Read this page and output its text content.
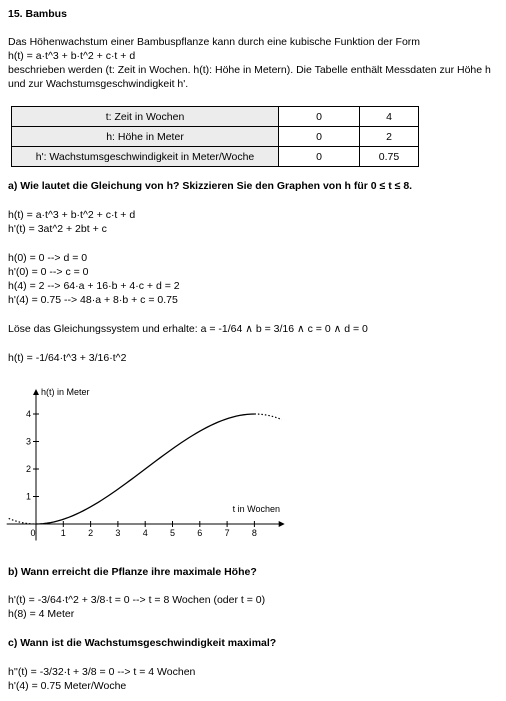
15. Bambus
Das Höhenwachstum einer Bambuspflanze kann durch eine kubische Funktion der Form
h(t) = a·t^3 + b·t^2 + c·t + d
beschrieben werden (t: Zeit in Wochen. h(t): Höhe in Metern). Die Tabelle enthält Messdaten zur Höhe h
und zur Wachstumsgeschwindigkeit h'.
t: Zeit in Wochen	0	4
h: Höhe in Meter	0	2
h': Wachstumsgeschwindigkeit in Meter/Woche	0	0.75
a) Wie lautet die Gleichung von h? Skizzieren Sie den Graphen von h für 0 ≤ t ≤ 8.
h(t) = a·t^3 + b·t^2 + c·t + d
h'(t) = 3at^2 + 2bt + c
h(0) = 0 --> d = 0
h'(0) = 0 --> c = 0
h(4) = 2 --> 64·a + 16·b + 4·c + d = 2
h'(4) = 0.75 --> 48·a + 8·b + c = 0.75
Löse das Gleichungssystem und erhalte: a = -1/64 ∧ b = 3/16 ∧ c = 0 ∧ d = 0
h(t) = -1/64·t^3 + 3/16·t^2
0	1 2 3 4 5 6 7 8
1
2
3
4
h(t) in Meter
t in Wochen
b) Wann erreicht die Pflanze ihre maximale Höhe?
h'(t) = -3/64·t^2 + 3/8·t = 0 --> t = 8 Wochen (oder t = 0)
h(8) = 4 Meter
c) Wann ist die Wachstumsgeschwindigkeit maximal?
h''(t) = -3/32·t + 3/8 = 0 --> t = 4 Wochen
h'(4) = 0.75 Meter/Woche
